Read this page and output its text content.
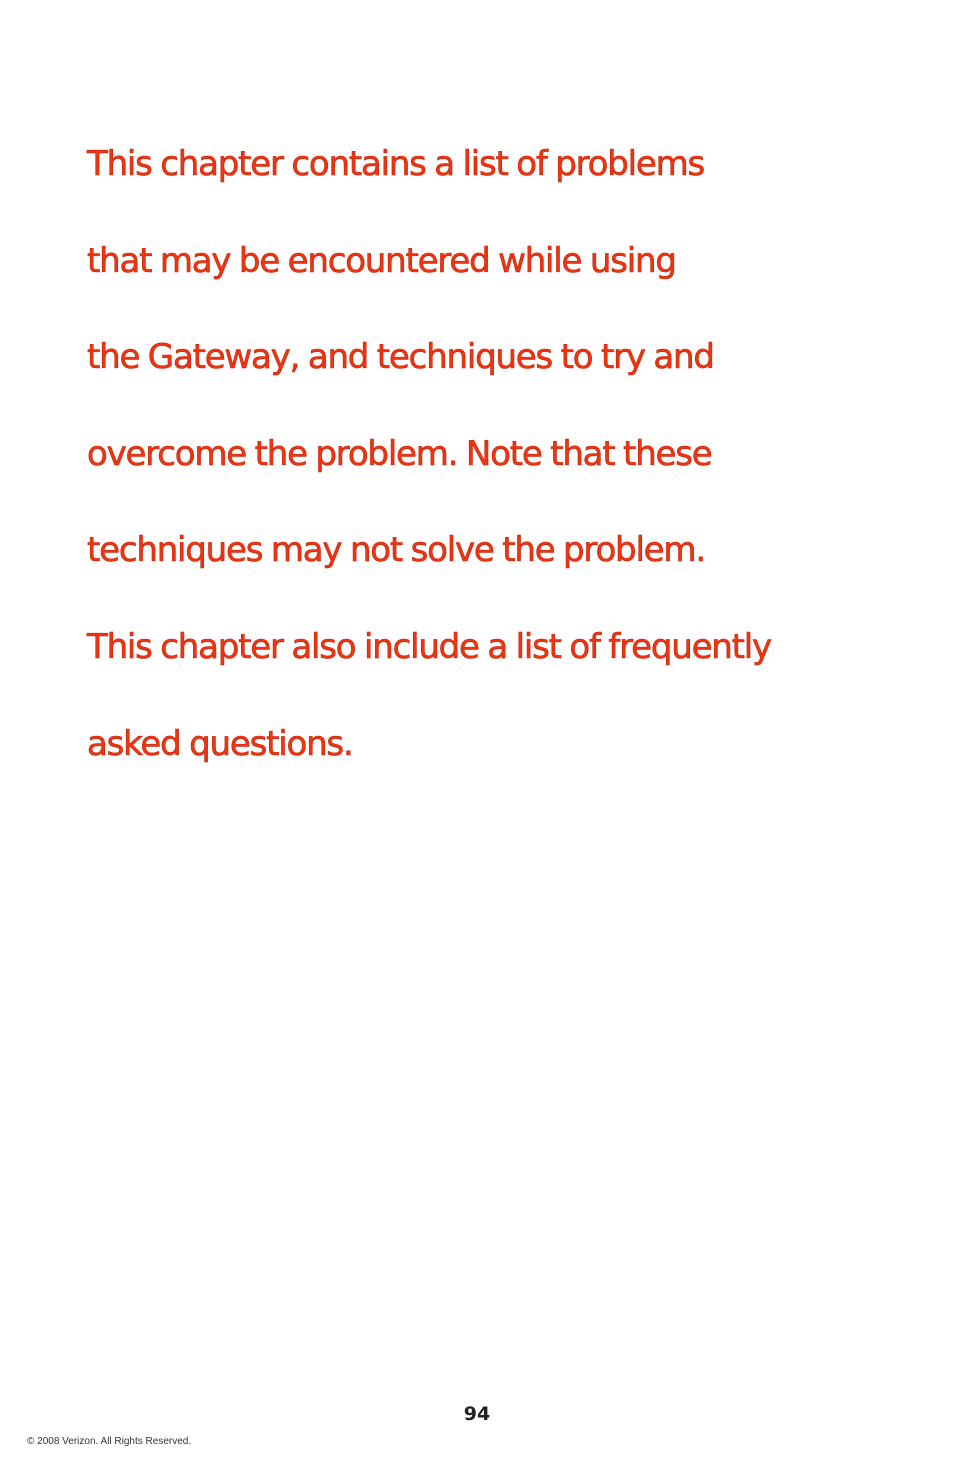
This chapter contains a list of problems
that may be encountered while using
the Gateway, and techniques to try and
overcome the problem. Note that these
techniques may not solve the problem.
This chapter also include a list of frequently
asked questions.
94
© 2008 Verizon. All Rights Reserved.
